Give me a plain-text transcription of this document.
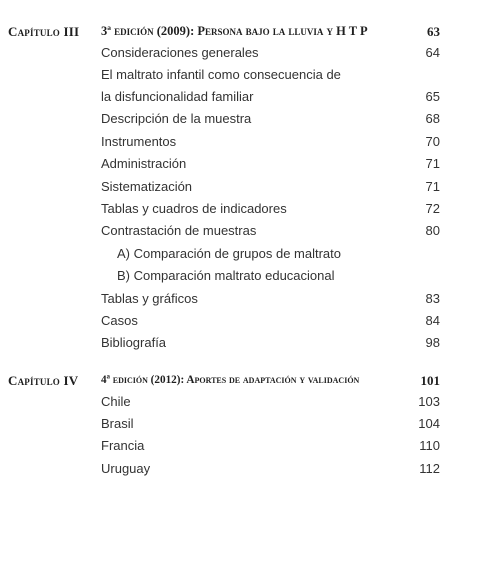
Capítulo III 3ª edición (2009): Persona bajo la lluvia y H T P	63
Consideraciones generales	64
El maltrato infantil como consecuencia de
la disfuncionalidad familiar	65
Descripción de la muestra	68
Instrumentos	70
Administración	71
Sistematización	71
Tablas y cuadros de indicadores	72
Contrastación de muestras	80
A) Comparación de grupos de maltrato
B) Comparación maltrato educacional
Tablas y gráficos	83
Casos	84
Bibliografía	98
Capítulo IV 4ª edición (2012): Aportes de adaptación y validación	101
Chile	103
Brasil	104
Francia	110
Uruguay	112
